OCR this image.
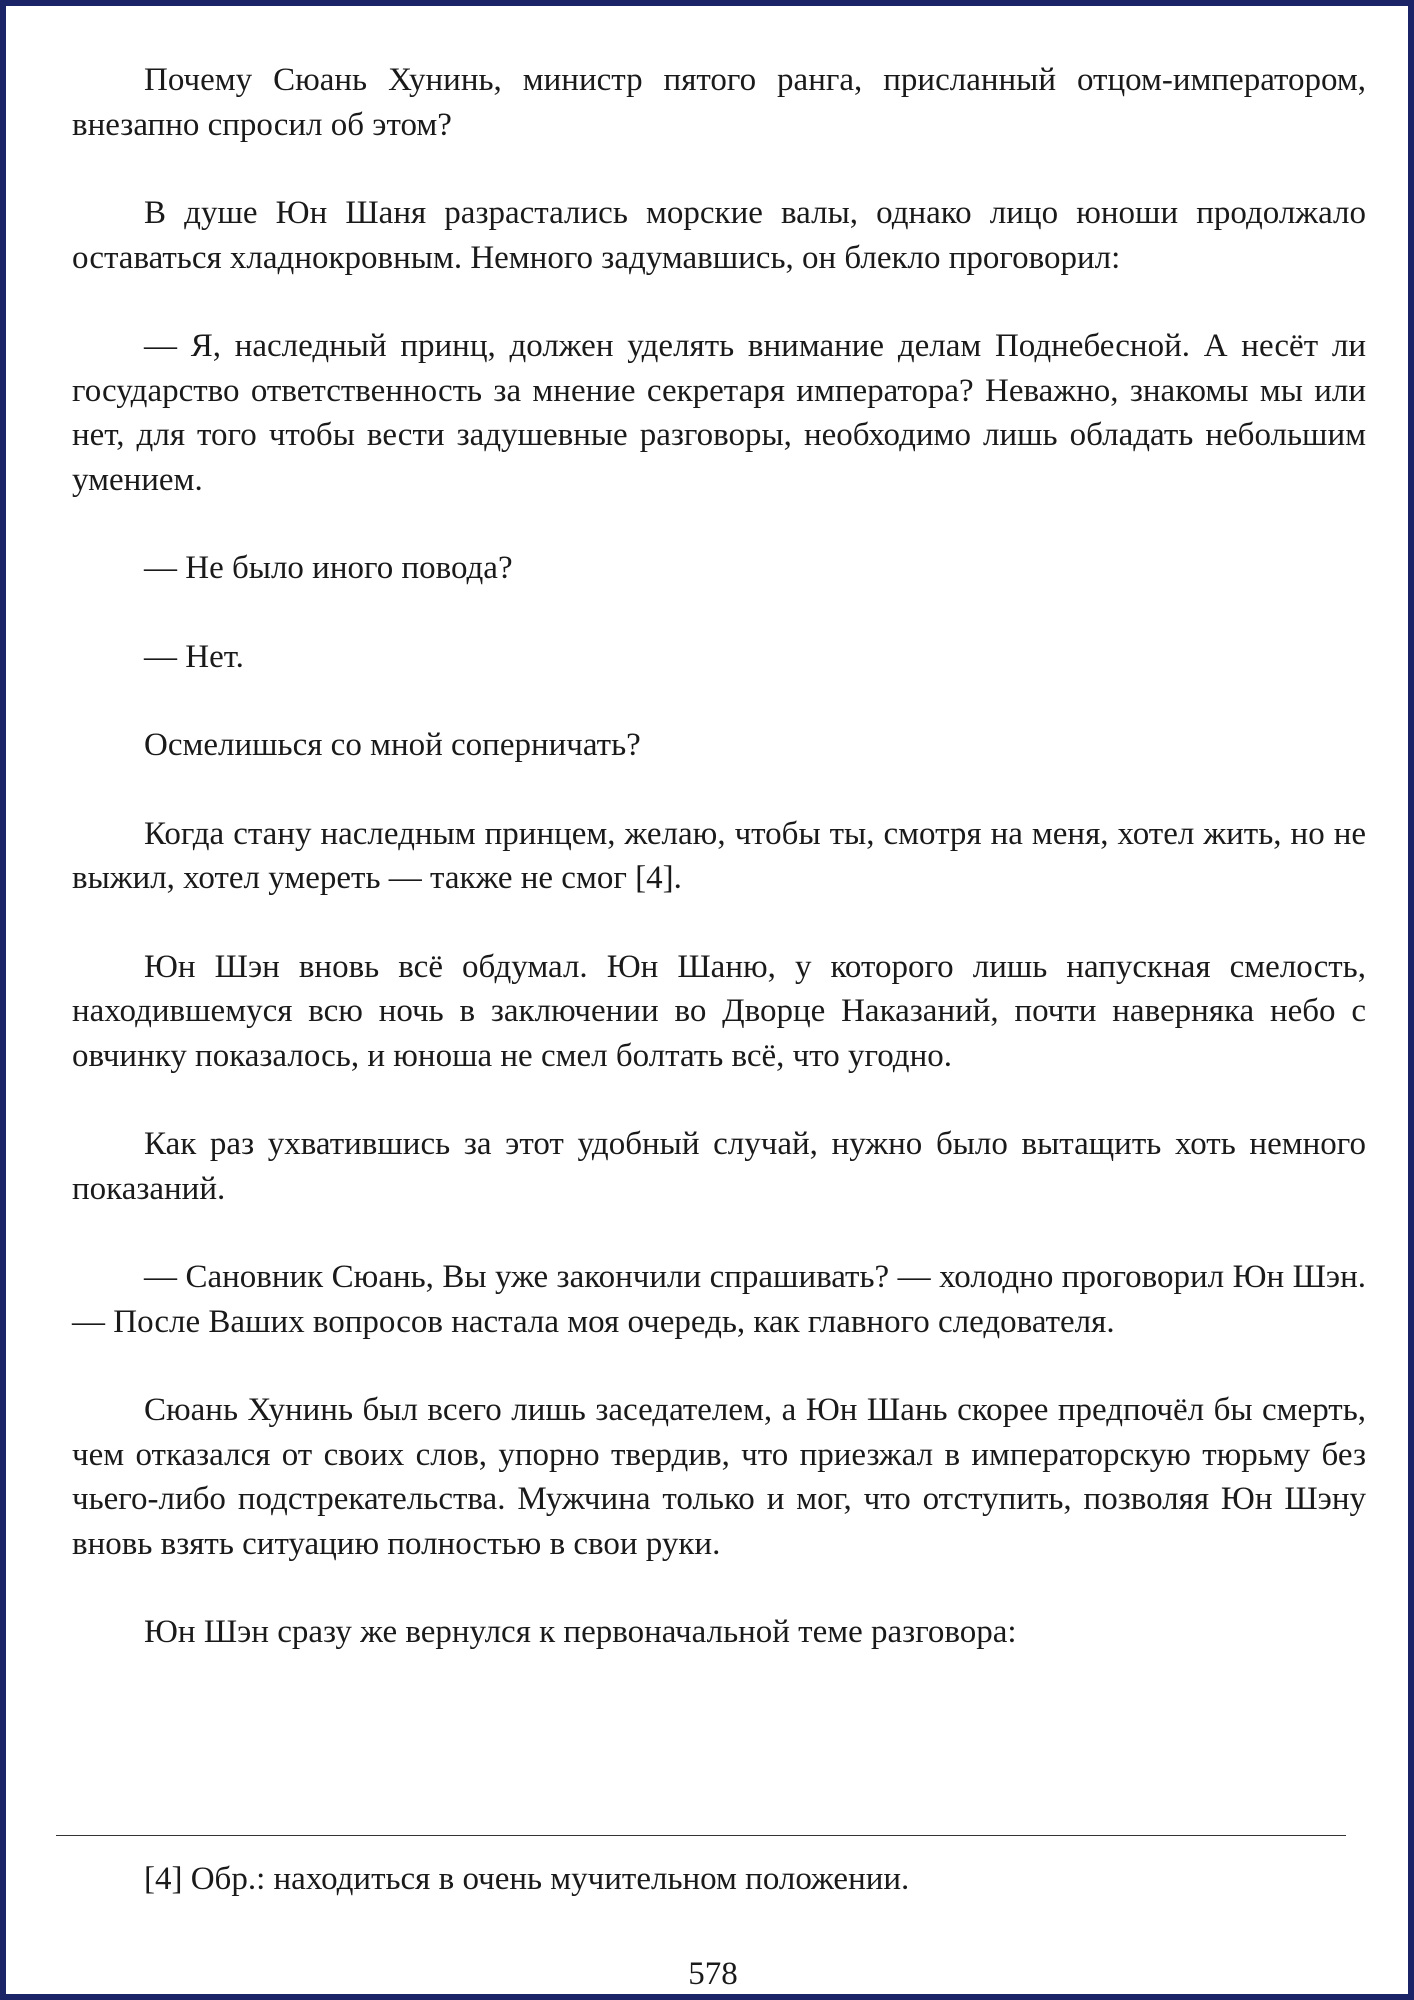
Почему Сюань Хунинь, министр пятого ранга, присланный отцом-императором, внезапно спросил об этом?

В душе Юн Шаня разрастались морские валы, однако лицо юноши продолжало оставаться хладнокровным. Немного задумавшись, он блекло проговорил:

— Я, наследный принц, должен уделять внимание делам Поднебесной. А несёт ли государство ответственность за мнение секретаря императора? Неважно, знакомы мы или нет, для того чтобы вести задушевные разговоры, необходимо лишь обладать небольшим умением.

— Не было иного повода?

— Нет.

Осмелишься со мной соперничать?

Когда стану наследным принцем, желаю, чтобы ты, смотря на меня, хотел жить, но не выжил, хотел умереть — также не смог [4].

Юн Шэн вновь всё обдумал. Юн Шаню, у которого лишь напускная смелость, находившемуся всю ночь в заключении во Дворце Наказаний, почти наверняка небо с овчинку показалось, и юноша не смел болтать всё, что угодно.

Как раз ухватившись за этот удобный случай, нужно было вытащить хоть немного показаний.

— Сановник Сюань, Вы уже закончили спрашивать? — холодно проговорил Юн Шэн. — После Ваших вопросов настала моя очередь, как главного следователя.

Сюань Хунинь был всего лишь заседателем, а Юн Шань скорее предпочёл бы смерть, чем отказался от своих слов, упорно твердив, что приезжал в императорскую тюрьму без чьего-либо подстрекательства. Мужчина только и мог, что отступить, позволяя Юн Шэну вновь взять ситуацию полностью в свои руки.

Юн Шэн сразу же вернулся к первоначальной теме разговора:

[4] Обр.: находиться в очень мучительном положении.

578
